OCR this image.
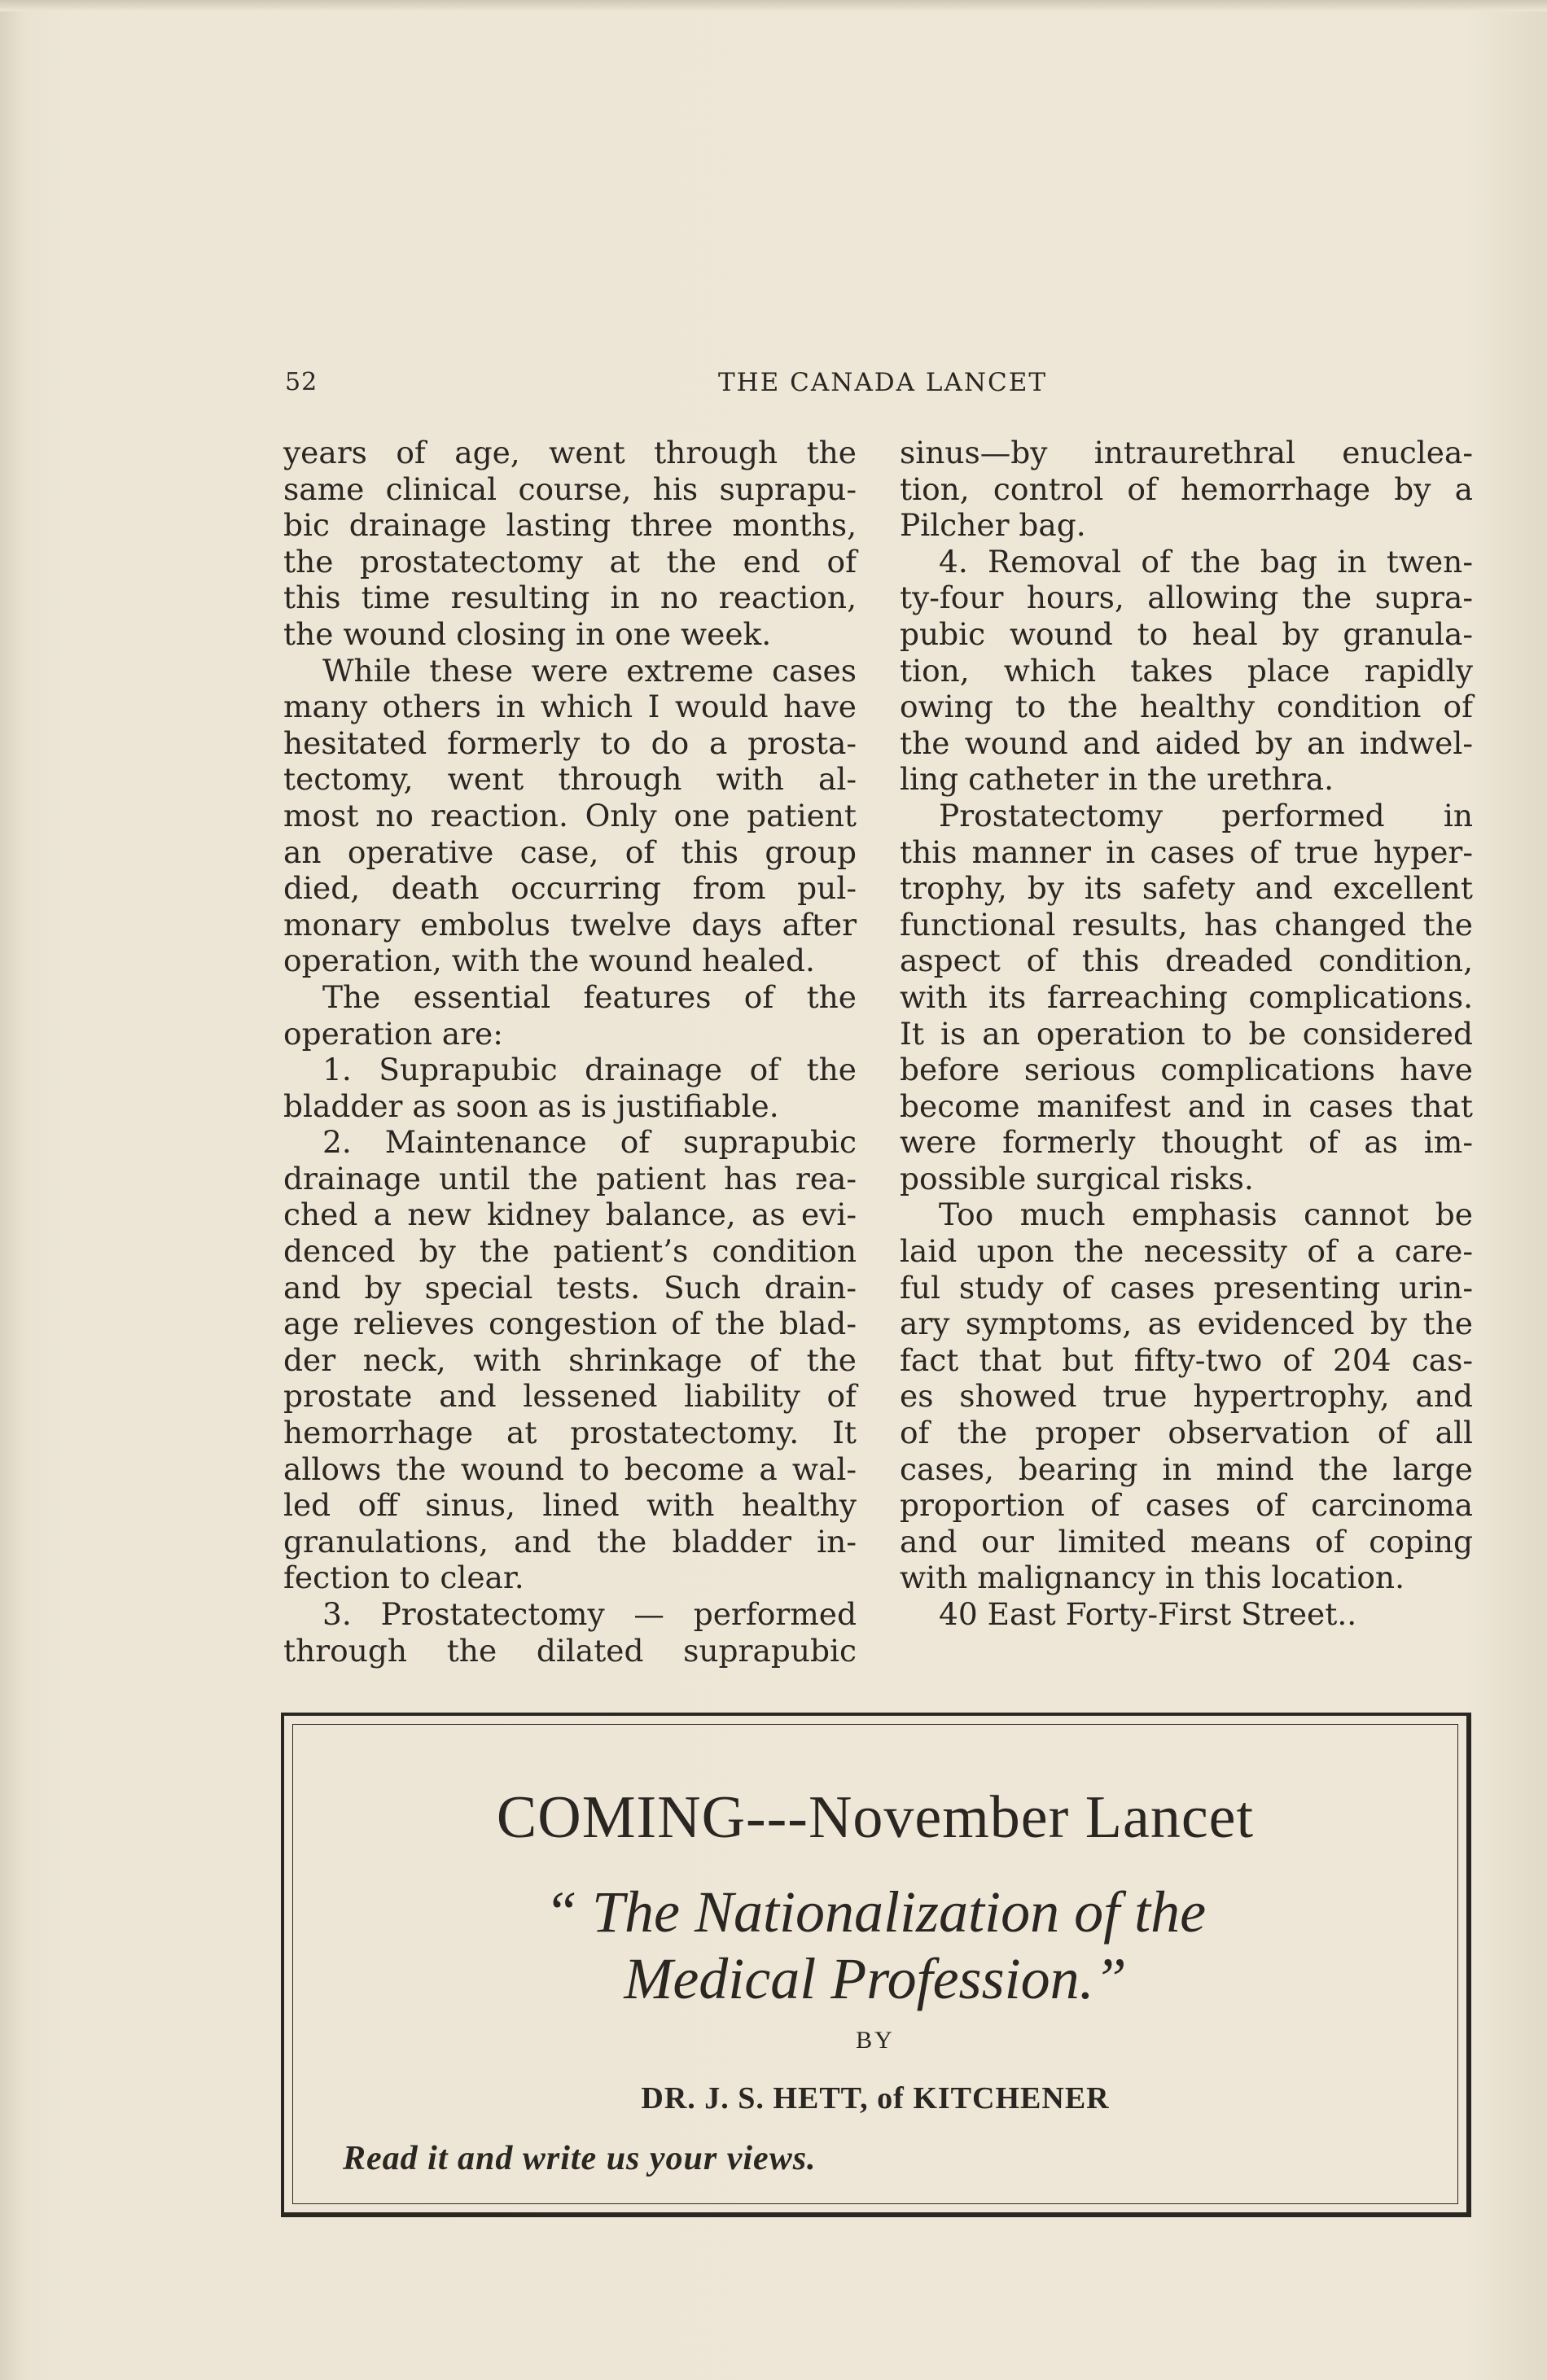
52	THE CANADA LANCET
years of age, went through the
same clinical course, his suprapu-
bic drainage lasting three months,
the prostatectomy at the end of
this time resulting in no reaction,
the wound closing in one week.
While these were extreme cases
many others in which I would have
hesitated formerly to do a prosta-
tectomy, went through with al-
most no reaction. Only one patient
an operative case, of this group
died, death occurring from pul-
monary embolus twelve days after
operation, with the wound healed.
The essential features of the
operation are:
1. Suprapubic drainage of the
bladder as soon as is justifiable.
2. Maintenance of suprapubic
drainage until the patient has rea-
ched a new kidney balance, as evi-
denced by the patient’s condition
and by special tests. Such drain-
age relieves congestion of the blad-
der neck, with shrinkage of the
prostate and lessened liability of
hemorrhage at prostatectomy. It
allows the wound to become a wal-
led off sinus, lined with healthy
granulations, and the bladder in-
fection to clear.
3. Prostatectomy — performed
through the dilated suprapubic
sinus—by intraurethral enuclea-
tion, control of hemorrhage by a
Pilcher bag.
4. Removal of the bag in twen-
ty-four hours, allowing the supra-
pubic wound to heal by granula-
tion, which takes place rapidly
owing to the healthy condition of
the wound and aided by an indwel-
ling catheter in the urethra.
Prostatectomy performed in
this manner in cases of true hyper-
trophy, by its safety and excellent
functional results, has changed the
aspect of this dreaded condition,
with its farreaching complications.
It is an operation to be considered
before serious complications have
become manifest and in cases that
were formerly thought of as im-
possible surgical risks.
Too much emphasis cannot be
laid upon the necessity of a care-
ful study of cases presenting urin-
ary symptoms, as evidenced by the
fact that but fifty-two of 204 cas-
es showed true hypertrophy, and
of the proper observation of all
cases, bearing in mind the large
proportion of cases of carcinoma
and our limited means of coping
with malignancy in this location.
40 East Forty-First Street..
COMING---November Lancet
“ The Nationalization of the
Medical Profession.”
BY
DR. J. S. HETT, of KITCHENER
Read it and write us your views.
